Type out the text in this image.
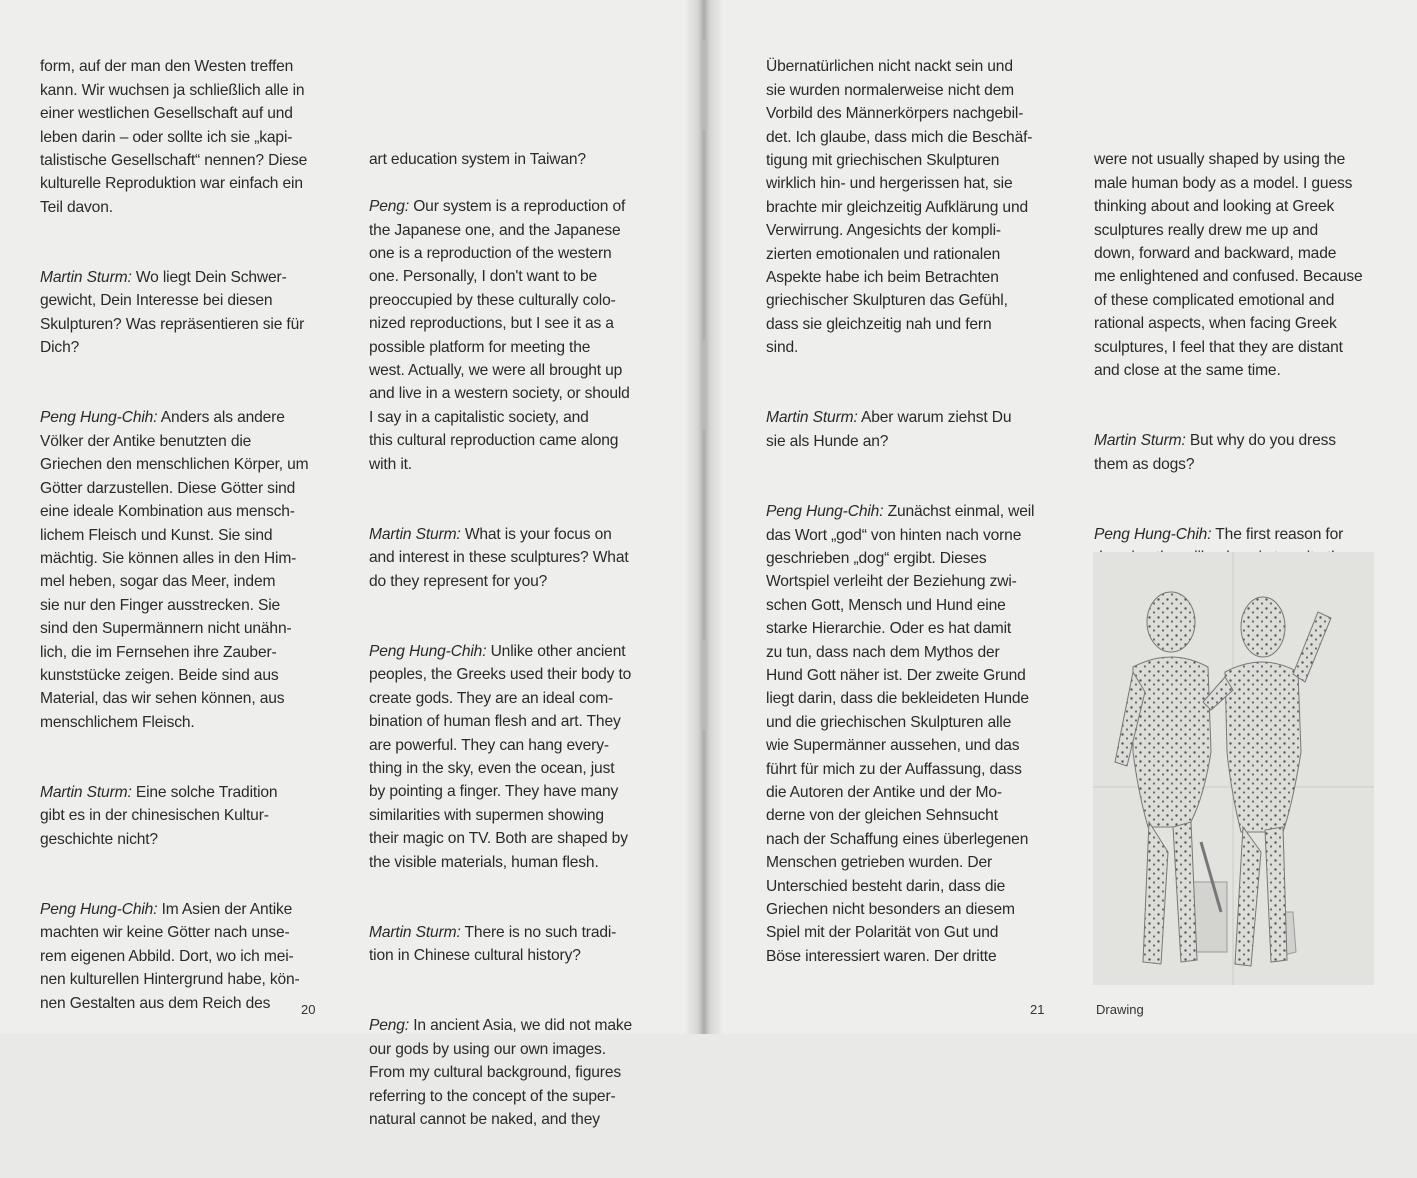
form, auf der man den Westen treffen
kann. Wir wuchsen ja schließlich alle in
einer westlichen Gesellschaft auf und
leben darin – oder sollte ich sie „kapi-
talistische Gesellschaft“ nennen? Diese
kulturelle Reproduktion war einfach ein
Teil davon.

Martin Sturm: Wo liegt Dein Schwer-
gewicht, Dein Interesse bei diesen
Skulpturen? Was repräsentieren sie für
Dich?

Peng Hung-Chih: Anders als andere
Völker der Antike benutzten die
Griechen den menschlichen Körper, um
Götter darzustellen. Diese Götter sind
eine ideale Kombination aus mensch-
lichem Fleisch und Kunst. Sie sind
mächtig. Sie können alles in den Him-
mel heben, sogar das Meer, indem
sie nur den Finger ausstrecken. Sie
sind den Supermännern nicht unähn-
lich, die im Fernsehen ihre Zauber-
kunststücke zeigen. Beide sind aus
Material, das wir sehen können, aus
menschlichem Fleisch.

Martin Sturm: Eine solche Tradition
gibt es in der chinesischen Kultur-
geschichte nicht?

Peng Hung-Chih: Im Asien der Antike
machten wir keine Götter nach unse-
rem eigenen Abbild. Dort, wo ich mei-
nen kulturellen Hintergrund habe, kön-
nen Gestalten aus dem Reich des

art education system in Taiwan?

Peng: Our system is a reproduction of
the Japanese one, and the Japanese
one is a reproduction of the western
one. Personally, I don't want to be
preoccupied by these culturally colo-
nized reproductions, but I see it as a
possible platform for meeting the
west. Actually, we were all brought up
and live in a western society, or should
I say in a capitalistic society, and
this cultural reproduction came along
with it.

Martin Sturm: What is your focus on
and interest in these sculptures? What
do they represent for you?

Peng Hung-Chih: Unlike other ancient
peoples, the Greeks used their body to
create gods. They are an ideal com-
bination of human flesh and art. They
are powerful. They can hang every-
thing in the sky, even the ocean, just
by pointing a finger. They have many
similarities with supermen showing
their magic on TV. Both are shaped by
the visible materials, human flesh.

Martin Sturm: There is no such tradi-
tion in Chinese cultural history?

Peng: In ancient Asia, we did not make
our gods by using our own images.
From my cultural background, figures
referring to the concept of the super-
natural cannot be naked, and they

20	21

Übernatürlichen nicht nackt sein und
sie wurden normalerweise nicht dem
Vorbild des Männerkörpers nachgebil-
det. Ich glaube, dass mich die Beschäf-
tigung mit griechischen Skulpturen
wirklich hin- und hergerissen hat, sie
brachte mir gleichzeitig Aufklärung und
Verwirrung. Angesichts der kompli-
zierten emotionalen und rationalen
Aspekte habe ich beim Betrachten
griechischer Skulpturen das Gefühl,
dass sie gleichzeitig nah und fern
sind.

Martin Sturm: Aber warum ziehst Du
sie als Hunde an?

Peng Hung-Chih: Zunächst einmal, weil
das Wort „god“ von hinten nach vorne
geschrieben „dog“ ergibt. Dieses
Wortspiel verleiht der Beziehung zwi-
schen Gott, Mensch und Hund eine
starke Hierarchie. Oder es hat damit
zu tun, dass nach dem Mythos der
Hund Gott näher ist. Der zweite Grund
liegt darin, dass die bekleideten Hunde
und die griechischen Skulpturen alle
wie Supermänner aussehen, und das
führt für mich zu der Auffassung, dass
die Autoren der Antike und der Mo-
derne von der gleichen Sehnsucht
nach der Schaffung eines überlegenen
Menschen getrieben wurden. Der
Unterschied besteht darin, dass die
Griechen nicht besonders an diesem
Spiel mit der Polarität von Gut und
Böse interessiert waren. Der dritte

were not usually shaped by using the
male human body as a model. I guess
thinking about and looking at Greek
sculptures really drew me up and
down, forward and backward, made
me enlightened and confused. Because
of these complicated emotional and
rational aspects, when facing Greek
sculptures, I feel that they are distant
and close at the same time.

Martin Sturm: But why do you dress
them as dogs?

Peng Hung-Chih: The first reason for

Drawing
